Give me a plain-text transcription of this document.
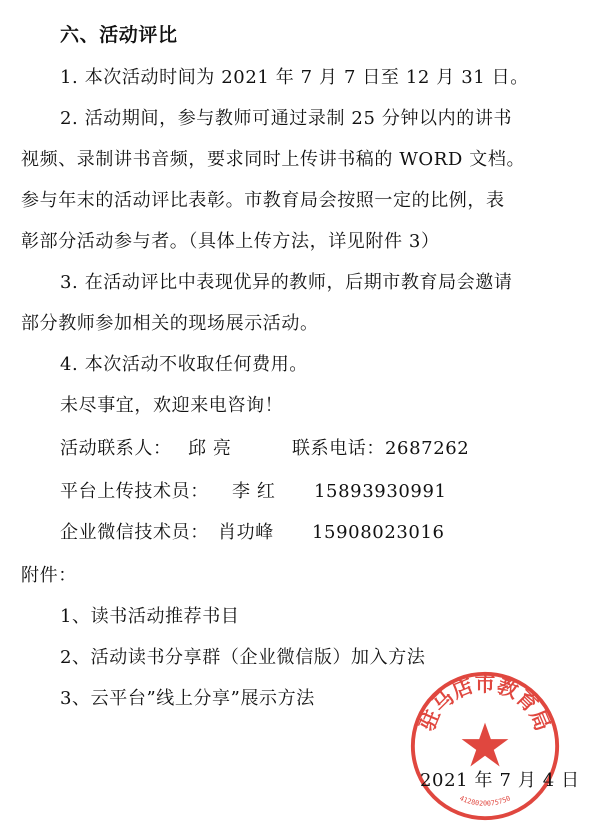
六、活动评比

1. 本次活动时间为 2021 年 7 月 7 日至 12 月 31 日。

2. 活动期间，参与教师可通过录制 25 分钟以内的讲书

视频、录制讲书音频，要求同时上传讲书稿的 WORD 文档。

参与年末的活动评比表彰。市教育局会按照一定的比例，表

彰部分活动参与者。（具体上传方法，详见附件 3）

3. 在活动评比中表现优异的教师，后期市教育局会邀请

部分教师参加相关的现场展示活动。

4. 本次活动不收取任何费用。

未尽事宜，欢迎来电咨询！

活动联系人： 邱 亮	联系电话：2687262

平台上传技术员： 李 红 15893930991

企业微信技术员： 肖功峰 15908023016

附件：

1、读书活动推荐书目

2、活动读书分享群（企业微信版）加入方法

3、云平台”线上分享”展示方法

驻马店市教育局
4128020075750

2021 年 7 月 4 日
